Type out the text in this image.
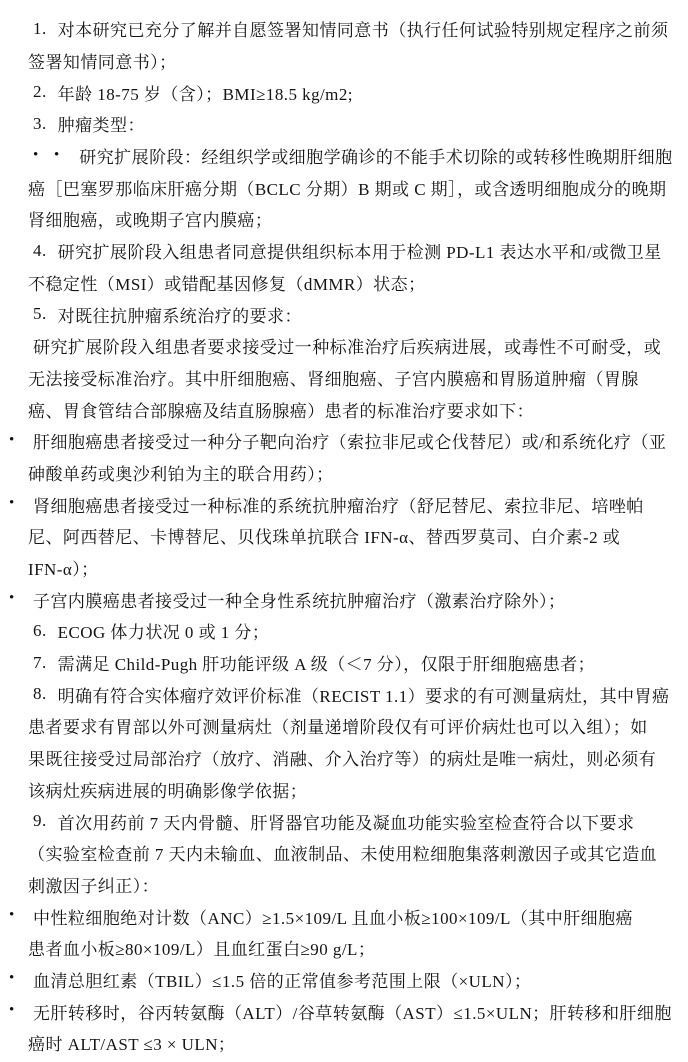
1. 对本研究已充分了解并自愿签署知情同意书（执行任何试验特别规定程序之前须
签署知情同意书）；
2. 年龄 18-75 岁（含）；BMI≥18.5 kg/m2;
3. 肿瘤类型：
• • 研究扩展阶段：经组织学或细胞学确诊的不能手术切除的或转移性晚期肝细胞
癌［巴塞罗那临床肝癌分期（BCLC 分期）B 期或 C 期］，或含透明细胞成分的晚期
肾细胞癌，或晚期子宫内膜癌；
4. 研究扩展阶段入组患者同意提供组织标本用于检测 PD-L1 表达水平和/或微卫星
不稳定性（MSI）或错配基因修复（dMMR）状态；
5. 对既往抗肿瘤系统治疗的要求：
研究扩展阶段入组患者要求接受过一种标准治疗后疾病进展，或毒性不可耐受，或
无法接受标准治疗。其中肝细胞癌、肾细胞癌、子宫内膜癌和胃肠道肿瘤（胃腺
癌、胃食管结合部腺癌及结直肠腺癌）患者的标准治疗要求如下：
• 肝细胞癌患者接受过一种分子靶向治疗（索拉非尼或仑伐替尼）或/和系统化疗（亚
砷酸单药或奥沙利铂为主的联合用药）；
• 肾细胞癌患者接受过一种标准的系统抗肿瘤治疗（舒尼替尼、索拉非尼、培唑帕
尼、阿西替尼、卡博替尼、贝伐珠单抗联合 IFN-α、替西罗莫司、白介素-2 或
IFN-α）；
• 子宫内膜癌患者接受过一种全身性系统抗肿瘤治疗（激素治疗除外）；
6. ECOG 体力状况 0 或 1 分；
7. 需满足 Child-Pugh 肝功能评级 A 级（＜7 分），仅限于肝细胞癌患者；
8. 明确有符合实体瘤疗效评价标准（RECIST 1.1）要求的有可测量病灶，其中胃癌
患者要求有胃部以外可测量病灶（剂量递增阶段仅有可评价病灶也可以入组）；如
果既往接受过局部治疗（放疗、消融、介入治疗等）的病灶是唯一病灶，则必须有
该病灶疾病进展的明确影像学依据；
9. 首次用药前 7 天内骨髓、肝肾器官功能及凝血功能实验室检查符合以下要求
（实验室检查前 7 天内未输血、血液制品、未使用粒细胞集落刺激因子或其它造血
刺激因子纠正）：
• 中性粒细胞绝对计数（ANC）≥1.5×109/L 且血小板≥100×109/L（其中肝细胞癌
患者血小板≥80×109/L）且血红蛋白≥90 g/L；
• 血清总胆红素（TBIL）≤1.5 倍的正常值参考范围上限（×ULN）；
• 无肝转移时，谷丙转氨酶（ALT）/谷草转氨酶（AST）≤1.5×ULN；肝转移和肝细胞
癌时 ALT/AST ≤3 × ULN；
